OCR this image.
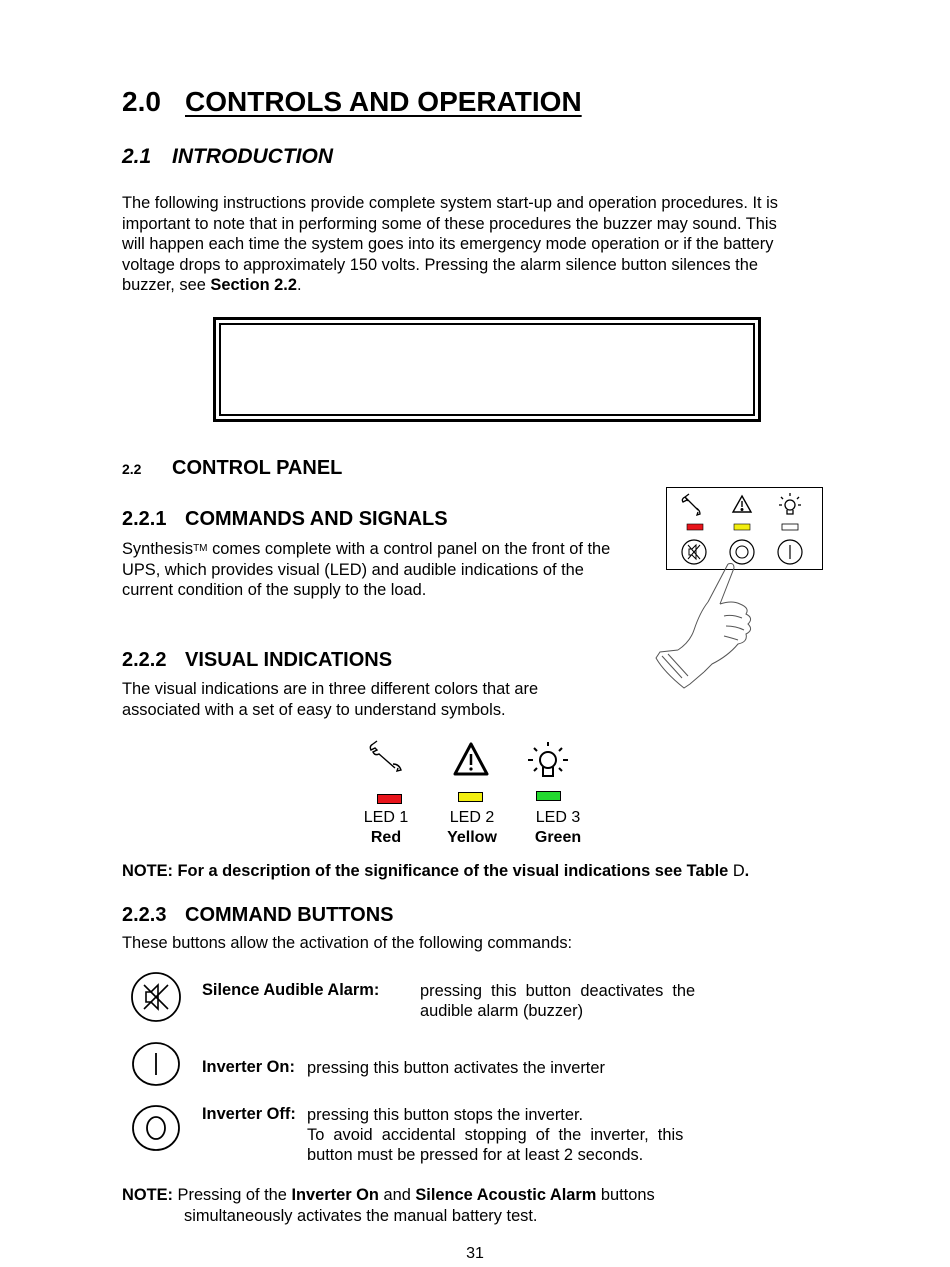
2.0 CONTROLS AND OPERATION
2.1 INTRODUCTION
The following instructions provide complete system start-up and operation procedures. It is
important to note that in performing some of these procedures the buzzer may sound. This
will happen each time the system goes into its emergency mode operation or if the battery
voltage drops to approximately 150 volts. Pressing the alarm silence button silences the
buzzer, see Section 2.2.
2.2 CONTROL PANEL
2.2.1 COMMANDS AND SIGNALS
SynthesisTM comes complete with a control panel on the front of the
UPS, which provides visual (LED) and audible indications of the
current condition of the supply to the load.
2.2.2 VISUAL INDICATIONS
The visual indications are in three different colors that are
associated with a set of easy to understand symbols.
LED 1	LED 2	LED 3
Red	Yellow	Green

NOTE: For a description of the significance of the visual indications see Table D.

2.2.3 COMMAND BUTTONS
These buttons allow the activation of the following commands:
Silence Audible Alarm: pressing  this  button  deactivates  the
audible alarm (buzzer)
Inverter On: pressing this button activates the inverter
Inverter Off: pressing this button stops the inverter.
To  avoid  accidental  stopping  of  the  inverter,  this
button must be pressed for at least 2 seconds.
NOTE: Pressing of the Inverter On and Silence Acoustic Alarm buttons
simultaneously activates the manual battery test.
31
